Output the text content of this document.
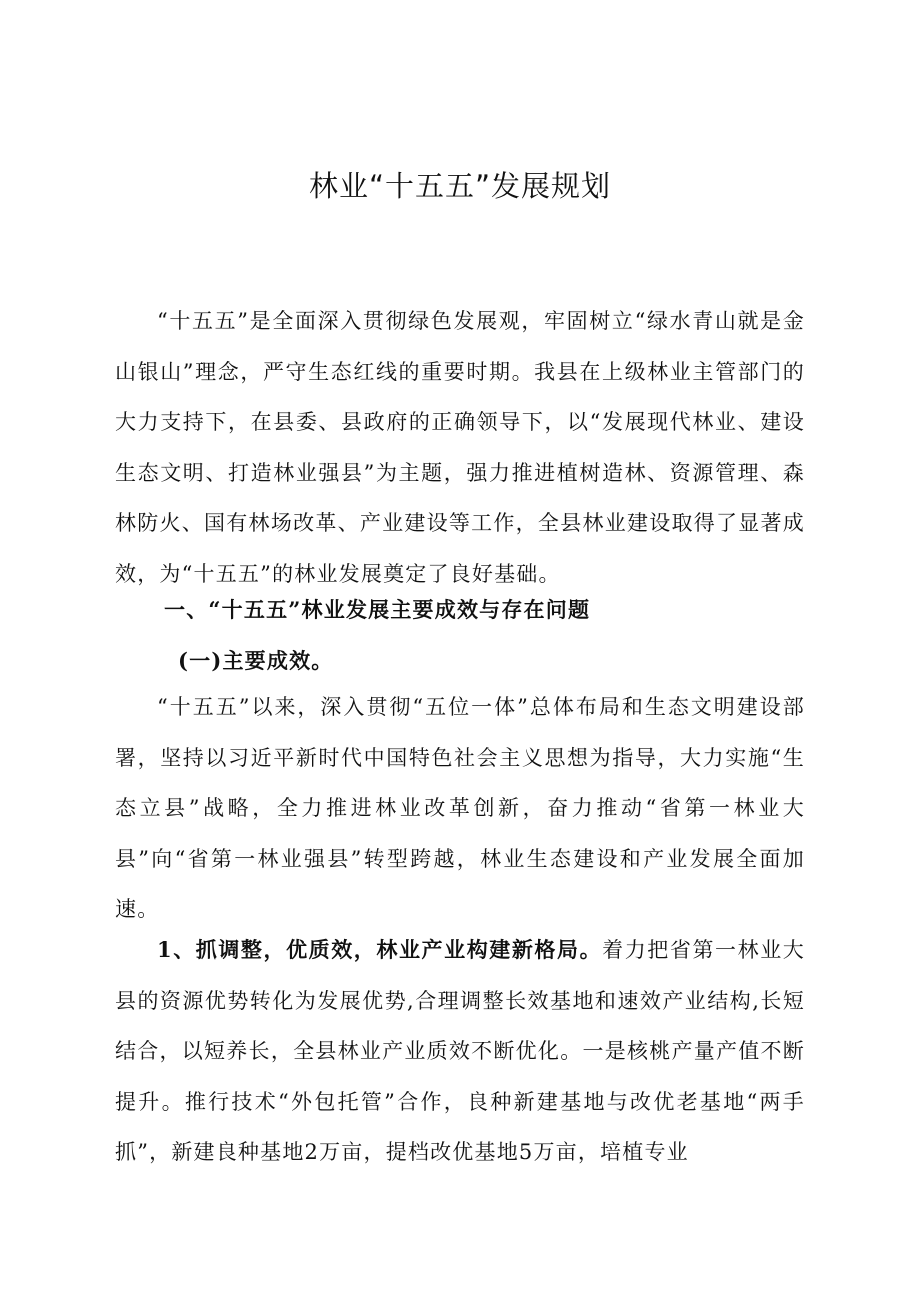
林业“十五五”发展规划

“十五五”是全面深入贯彻绿色发展观，牢固树立“绿水青山就是金山银山”理念，严守生态红线的重要时期。我县在上级林业主管部门的大力支持下，在县委、县政府的正确领导下，以“发展现代林业、建设生态文明、打造林业强县”为主题，强力推进植树造林、资源管理、森林防火、国有林场改革、产业建设等工作，全县林业建设取得了显著成效，为“十五五”的林业发展奠定了良好基础。

一、“十五五”林业发展主要成效与存在问题

(一)主要成效。

“十五五”以来，深入贯彻“五位一体”总体布局和生态文明建设部署，坚持以习近平新时代中国特色社会主义思想为指导，大力实施“生态立县”战略，全力推进林业改革创新，奋力推动“省第一林业大县”向“省第一林业强县”转型跨越，林业生态建设和产业发展全面加速。

1、抓调整，优质效，林业产业构建新格局。着力把省第一林业大县的资源优势转化为发展优势,合理调整长效基地和速效产业结构,长短结合，以短养长，全县林业产业质效不断优化。一是核桃产量产值不断提升。推行技术“外包托管”合作，良种新建基地与改优老基地“两手抓”，新建良种基地2万亩，提档改优基地5万亩，培植专业
